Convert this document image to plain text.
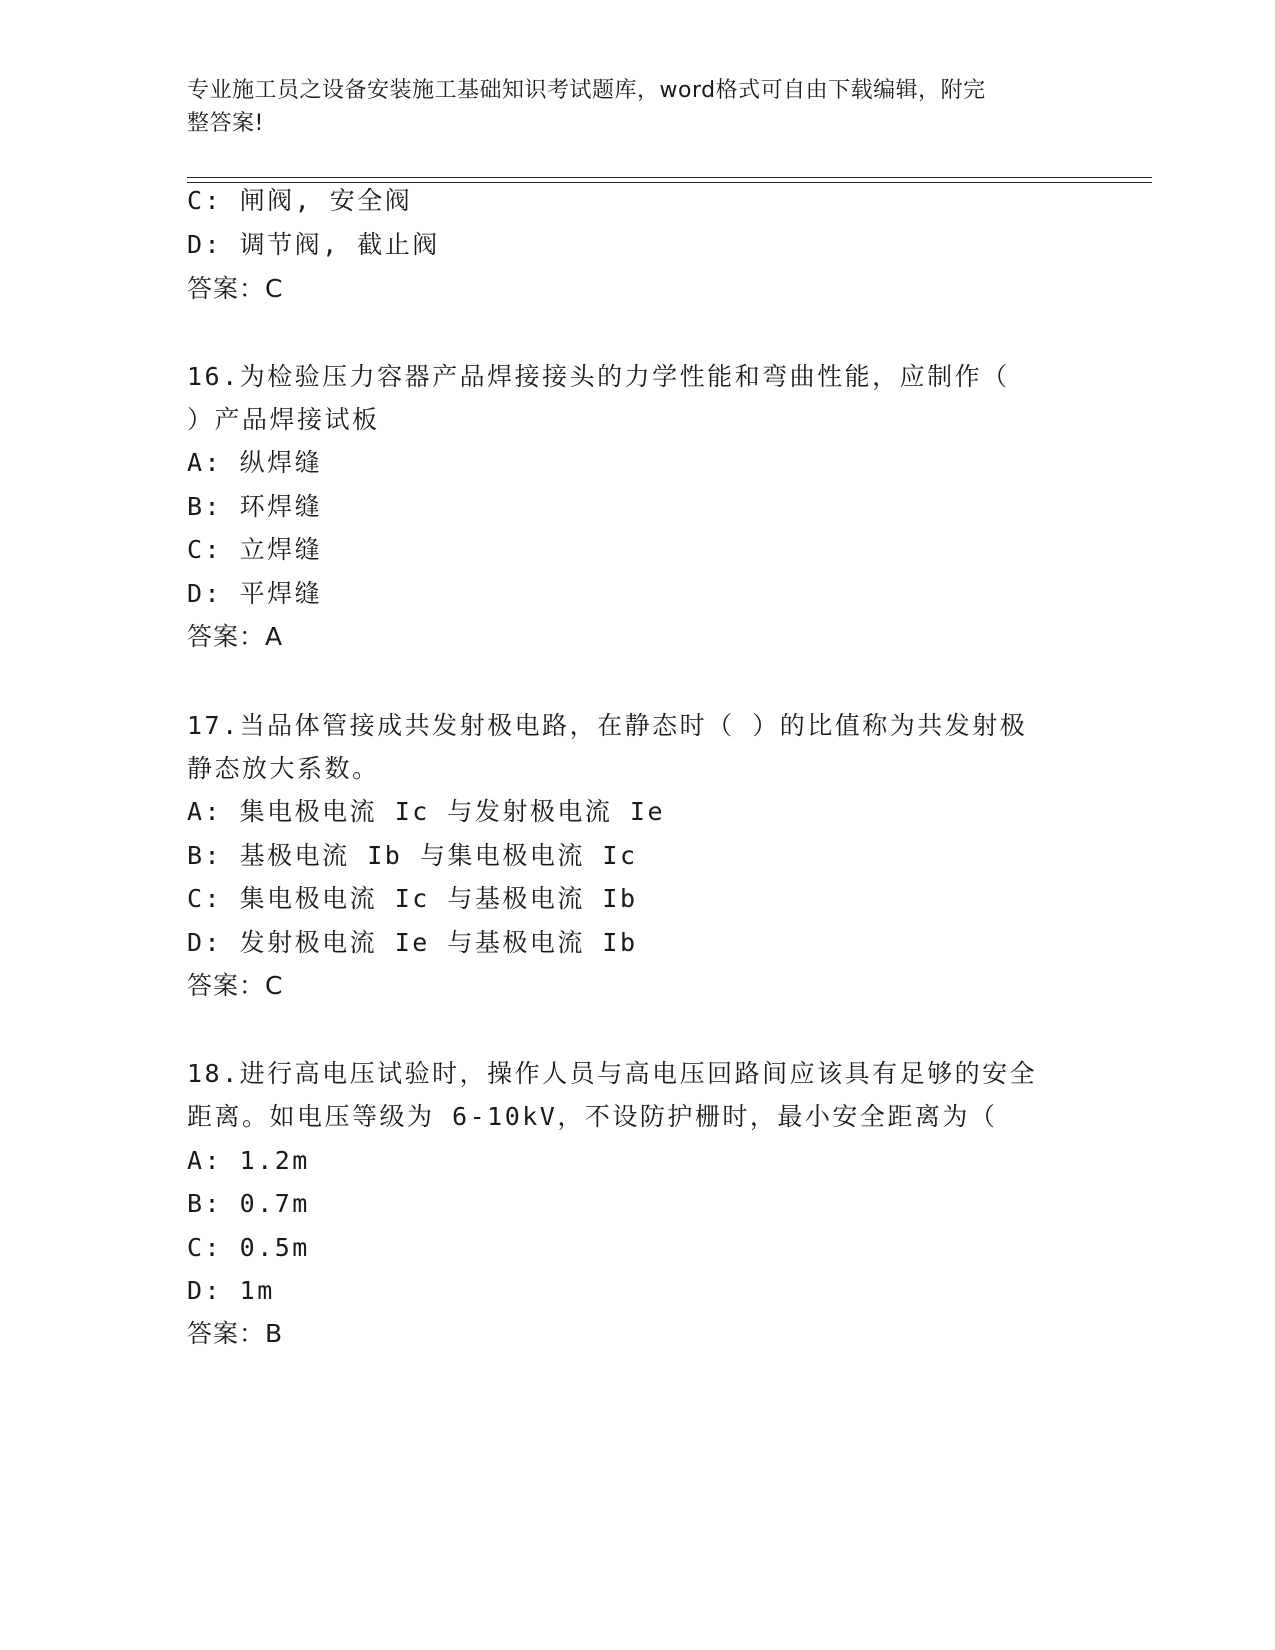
专业施工员之设备安装施工基础知识考试题库，word格式可自由下载编辑，附完
整答案!
C: 闸阀, 安全阀
D: 调节阀, 截止阀
答案：C
16.为检验压力容器产品焊接接头的力学性能和弯曲性能，应制作（
）产品焊接试板
A: 纵焊缝
B: 环焊缝
C: 立焊缝
D: 平焊缝
答案：A
17.当品体管接成共发射极电路，在静态时（ ）的比值称为共发射极
静态放大系数。
A: 集电极电流 Ic 与发射极电流 Ie
B: 基极电流 Ib 与集电极电流 Ic
C: 集电极电流 Ic 与基极电流 Ib
D: 发射极电流 Ie 与基极电流 Ib
答案：C
18.进行高电压试验时，操作人员与高电压回路间应该具有足够的安全
距离。如电压等级为 6-10kV，不设防护栅时，最小安全距离为（
A: 1.2m
B: 0.7m
C: 0.5m
D: 1m
答案：B
